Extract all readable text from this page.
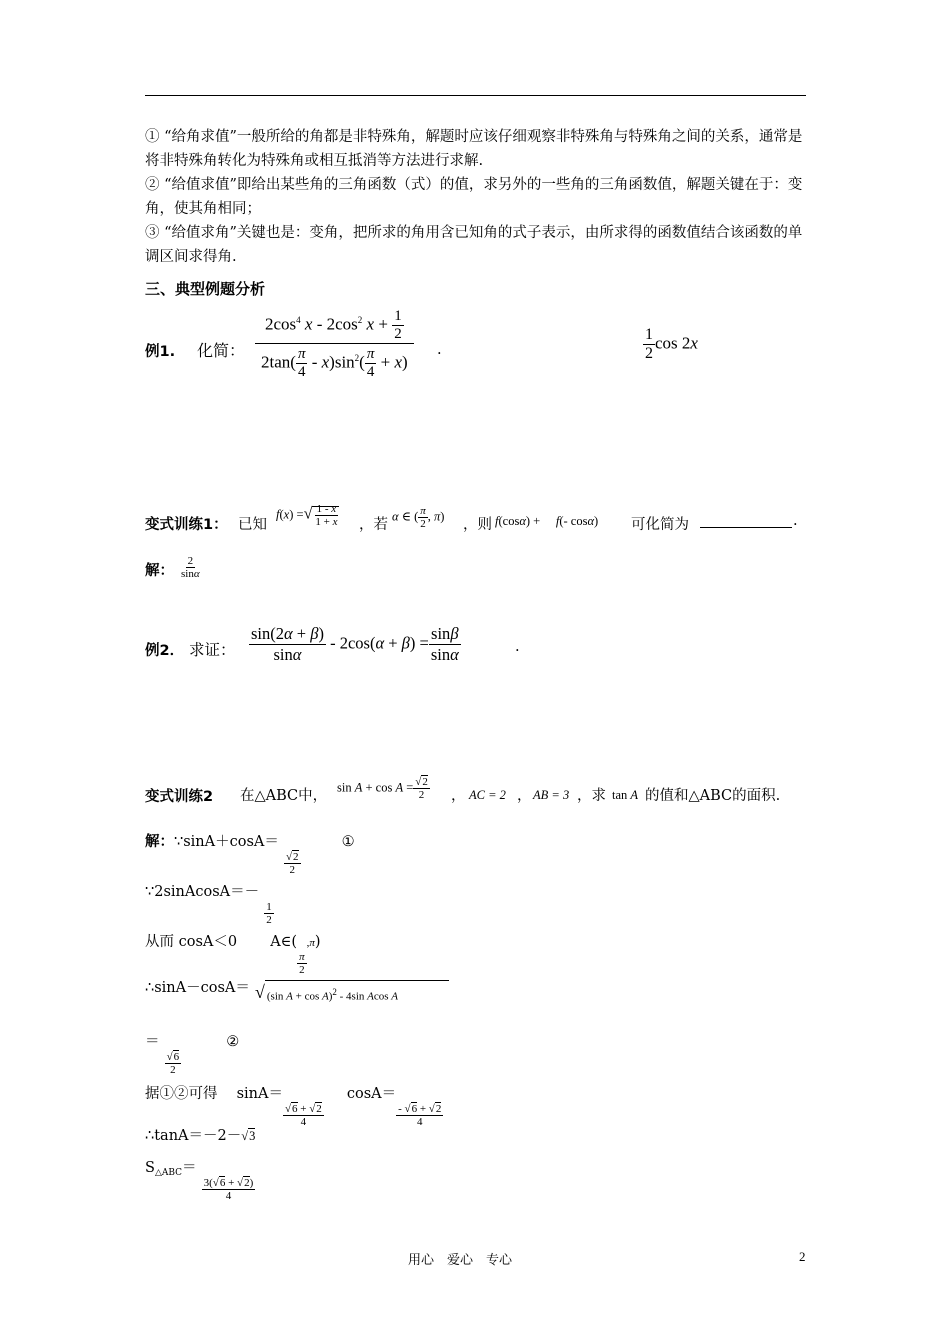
① “给角求值”一般所给的角都是非特殊角，解题时应该仔细观察非特殊角与特殊角之间的关系，通常是将非特殊角转化为特殊角或相互抵消等方法进行求解.
② “给值求值”即给出某些角的三角函数（式）的值，求另外的一些角的三角函数值，解题关键在于：变角，使其角相同；
③ “给值求角”关键也是：变角，把所求的角用含已知角的式子表示，由所求得的函数值结合该函数的单调区间求得角.
三、典型例题分析
例1. 化简： $\frac{2\cos^4 x - 2\cos^2 x + \frac{1}{2}}{2\tan( \frac{\pi}{4} - x)\sin^2( \frac{\pi}{4} + x)}$ .	$\frac{1}{2}$ cos 2x
变式训练1： 已知
f(x) =√ $\frac{1 - x}{1 + x}$ ，若
α ∈ ( $\frac{\pi}{2}$ , π)
，则 f(cosα) +     f(- cosα) 可化简为	.
解： $\frac{2}{\sin\alpha}$
例2． 求证： $\frac{\sin(2\alpha + \beta)}{\sin\alpha} - 2\cos(\alpha + \beta) = \frac{\sin\beta}{\sin\alpha}$	.
变式训练2 在△ABC中，
$\sin A + \cos A = \frac{√2}{2}$ ， AC = 2 ， AB = 3 ，求 tan A 的值和△ABC的面积.
解：∵sinA＋cosA＝
$\frac{√2}{2}$
①
∵2sinAcosA＝－
$\frac{1}{2}$
从而 cosA＜0 A∈(
$\frac{\pi}{2}$
,π)
∴sinA－cosA＝ √ (sin A + cos A)$^2$ - 4sin Acos A
＝
$\frac{√6}{2}$
②
据①②可得 sinA＝
$\frac{√6 + √2}{4}$
cosA＝
$\frac{- √6 + √2}{4}$
∴tanA＝－2－√3
S△ABC＝
$\frac{3(√6 + √2)}{4}$
用心　爱心　专心	2
